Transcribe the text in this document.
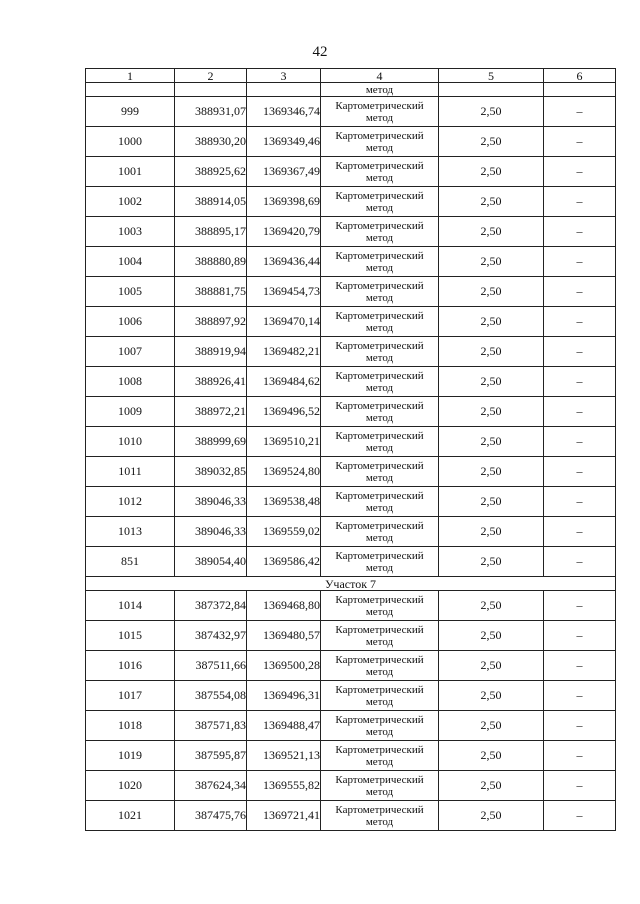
42
1	2	3	4	5	6
			метод		
999	388931,07	1369346,74	Картометрический метод	2,50	–
1000	388930,20	1369349,46	Картометрический метод	2,50	–
1001	388925,62	1369367,49	Картометрический метод	2,50	–
1002	388914,05	1369398,69	Картометрический метод	2,50	–
1003	388895,17	1369420,79	Картометрический метод	2,50	–
1004	388880,89	1369436,44	Картометрический метод	2,50	–
1005	388881,75	1369454,73	Картометрический метод	2,50	–
1006	388897,92	1369470,14	Картометрический метод	2,50	–
1007	388919,94	1369482,21	Картометрический метод	2,50	–
1008	388926,41	1369484,62	Картометрический метод	2,50	–
1009	388972,21	1369496,52	Картометрический метод	2,50	–
1010	388999,69	1369510,21	Картометрический метод	2,50	–
1011	389032,85	1369524,80	Картометрический метод	2,50	–
1012	389046,33	1369538,48	Картометрический метод	2,50	–
1013	389046,33	1369559,02	Картометрический метод	2,50	–
851	389054,40	1369586,42	Картометрический метод	2,50	–
Участок 7					
1014	387372,84	1369468,80	Картометрический метод	2,50	–
1015	387432,97	1369480,57	Картометрический метод	2,50	–
1016	387511,66	1369500,28	Картометрический метод	2,50	–
1017	387554,08	1369496,31	Картометрический метод	2,50	–
1018	387571,83	1369488,47	Картометрический метод	2,50	–
1019	387595,87	1369521,13	Картометрический метод	2,50	–
1020	387624,34	1369555,82	Картометрический метод	2,50	–
1021	387475,76	1369721,41	Картометрический метод	2,50	–
